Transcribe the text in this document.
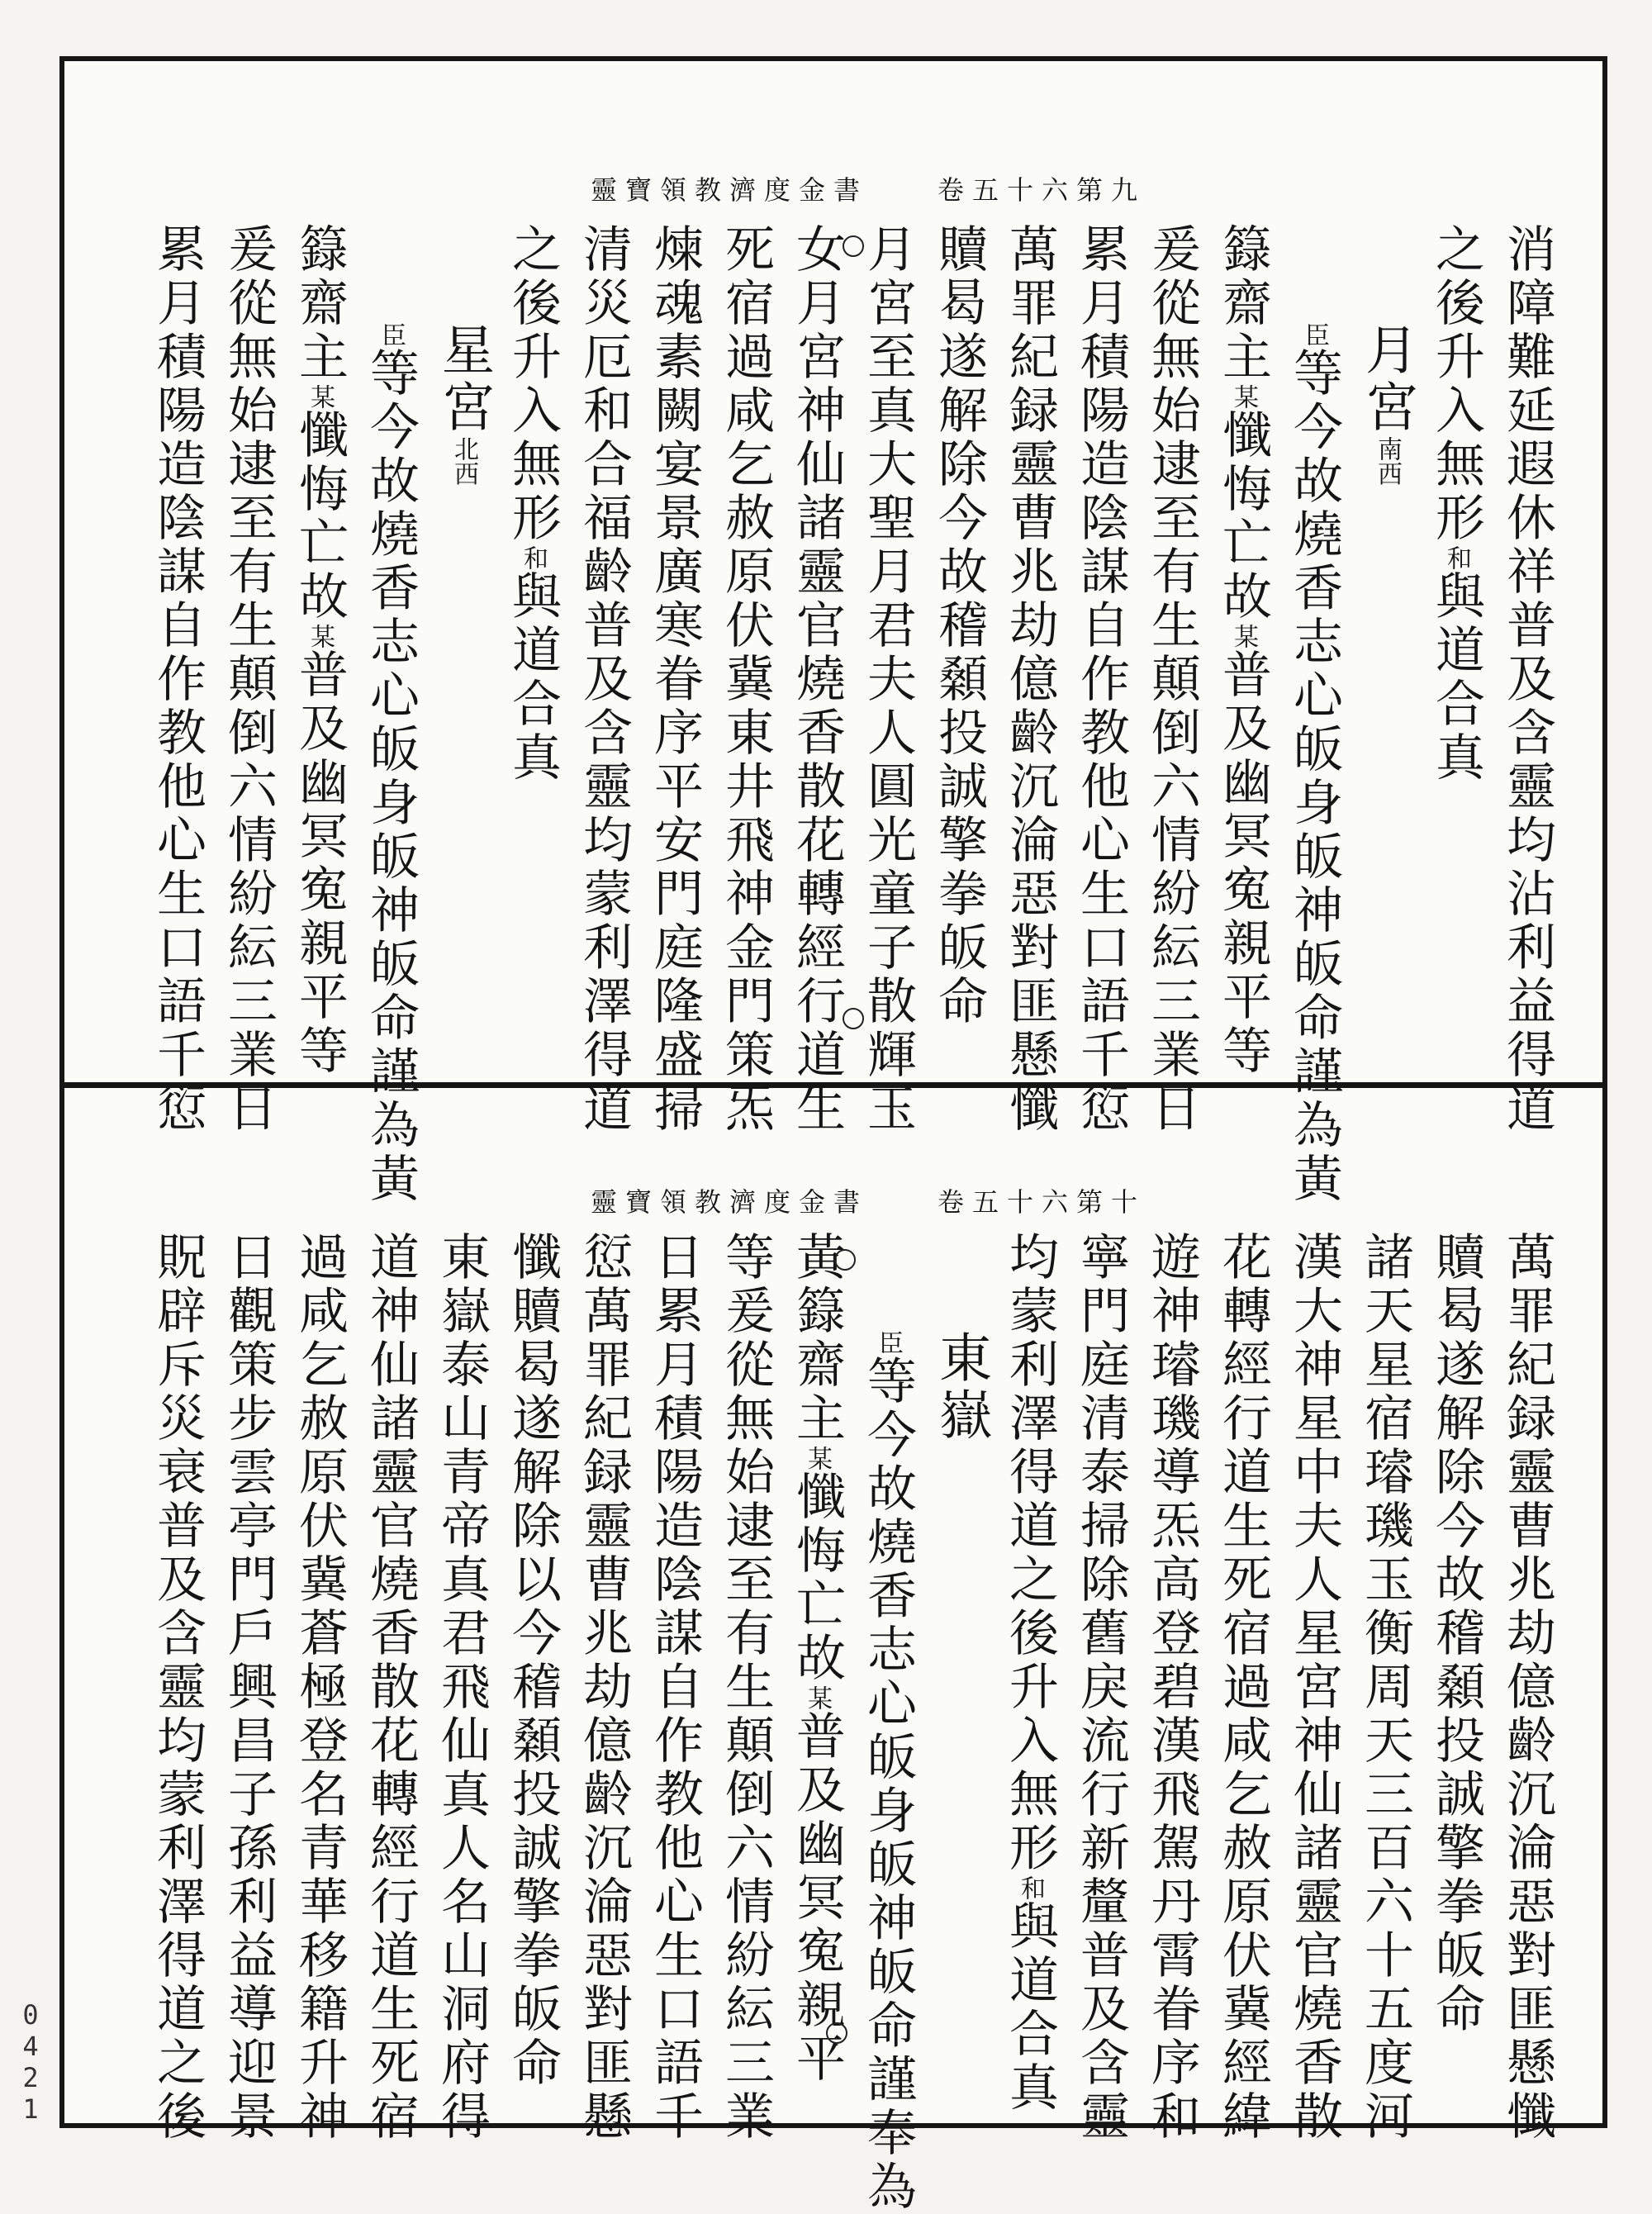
靈寶領教濟度金書　　卷五十六第九
靈寶領教濟度金書　　卷五十六第十
消障難延遐休祥普及含靈均沾利益得道
之後升入無形和與道合真
月宮南西
臣等今故燒香志心皈身皈神皈命謹為黃
籙齋主某懺悔亡故某普及幽冥寃親平等
爰從無始逮至有生顛倒六情紛紜三業日
累月積陽造陰謀自作教他心生口語千愆
萬罪紀録靈曹兆劫億齡沉淪惡對匪懸懺
贖曷遂解除今故稽顙投誠擎拳皈命
月宮至真大聖月君夫人圓光童子散輝玉
女月宮神仙諸靈官燒香散花轉經行道生
死宿過咸乞赦原伏冀東井飛神金門策炁
煉魂素闕宴景廣寒眷序平安門庭隆盛掃
清災厄和合福齡普及含靈均蒙利澤得道
之後升入無形和與道合真
星宮北西
臣等今故燒香志心皈身皈神皈命謹為黃
籙齋主某懺悔亡故某普及幽冥寃親平等
爰從無始逮至有生顛倒六情紛紜三業日
累月積陽造陰謀自作教他心生口語千愆
萬罪紀録靈曹兆劫億齡沉淪惡對匪懸懺
贖曷遂解除今故稽顙投誠擎拳皈命
諸天星宿璿璣玉衡周天三百六十五度河
漢大神星中夫人星宮神仙諸靈官燒香散
花轉經行道生死宿過咸乞赦原伏冀經緯
遊神璿璣導炁高登碧漢飛駕丹霄眷序和
寧門庭清泰掃除舊戾流行新釐普及含靈
均蒙利澤得道之後升入無形和與道合真
東嶽
臣等今故燒香志心皈身皈神皈命謹奉為
黃籙齋主某懺悔亡故某普及幽冥寃親平
等爰從無始逮至有生顛倒六情紛紜三業
日累月積陽造陰謀自作教他心生口語千
愆萬罪紀録靈曹兆劫億齡沉淪惡對匪懸
懺贖曷遂解除以今稽顙投誠擎拳皈命
東嶽泰山青帝真君飛仙真人名山洞府得
道神仙諸靈官燒香散花轉經行道生死宿
過咸乞赦原伏冀蒼極登名青華移籍升神
日觀策步雲亭門戶興昌子孫利益導迎景
貺辟斥災衰普及含靈均蒙利澤得道之後
0421
